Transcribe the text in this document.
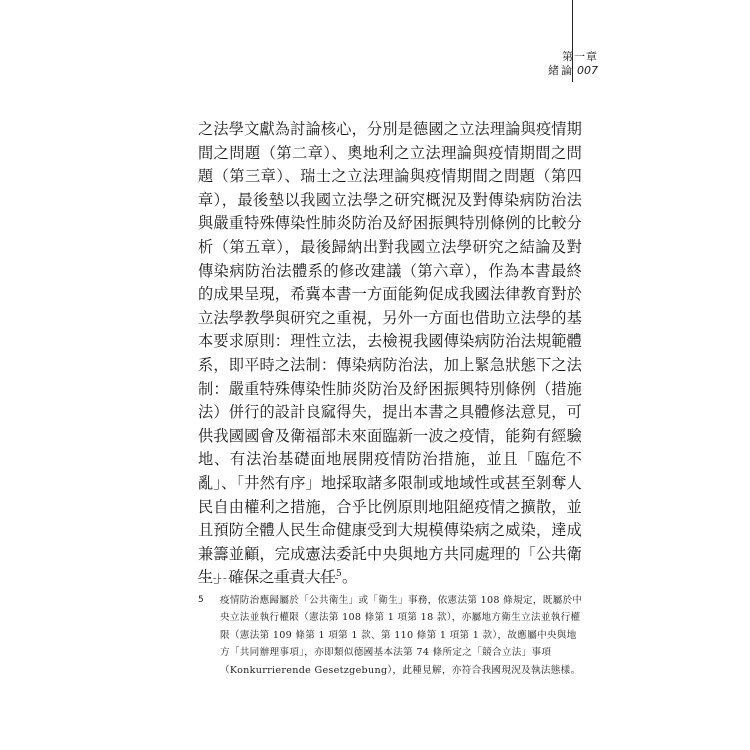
第一章
緒論 007

之法學文獻為討論核心，分別是德國之立法理論與疫情期間之問題（第二章）、奧地利之立法理論與疫情期間之問題（第三章）、瑞士之立法理論與疫情期間之問題（第四章），最後墊以我國立法學之研究概況及對傳染病防治法與嚴重特殊傳染性肺炎防治及紓困振興特別條例的比較分析（第五章），最後歸納出對我國立法學研究之結論及對傳染病防治法體系的修改建議（第六章），作為本書最終的成果呈現，希冀本書一方面能夠促成我國法律教育對於立法學教學與研究之重視，另外一方面也借助立法學的基本要求原則：理性立法，去檢視我國傳染病防治法規範體系，即平時之法制：傳染病防治法，加上緊急狀態下之法制：嚴重特殊傳染性肺炎防治及紓困振興特別條例（措施法）併行的設計良窳得失，提出本書之具體修法意見，可供我國國會及衛福部未來面臨新一波之疫情，能夠有經驗地、有法治基礎面地展開疫情防治措施，並且「臨危不亂」、「井然有序」地採取諸多限制或地域性或甚至剝奪人民自由權利之措施，合乎比例原則地阻絕疫情之擴散，並且預防全體人民生命健康受到大規模傳染病之威染，達成兼籌並顧，完成憲法委託中央與地方共同處理的「公共衛生」確保之重責大任$^5$。

5 疫情防治應歸屬於「公共衛生」或「衛生」事務，依憲法第 108 條規定，既屬於中央立法並執行權限（憲法第 108 條第 1 項第 18 款），亦屬地方衛生立法並執行權限（憲法第 109 條第 1 項第 1 款、第 110 條第 1 項第 1 款），故應屬中央與地方「共同辦理事項」，亦即類似德國基本法第 74 條所定之「競合立法」事項（Konkurrierende Gesetzgebung），此種見解，亦符合我國現況及執法態樣。
